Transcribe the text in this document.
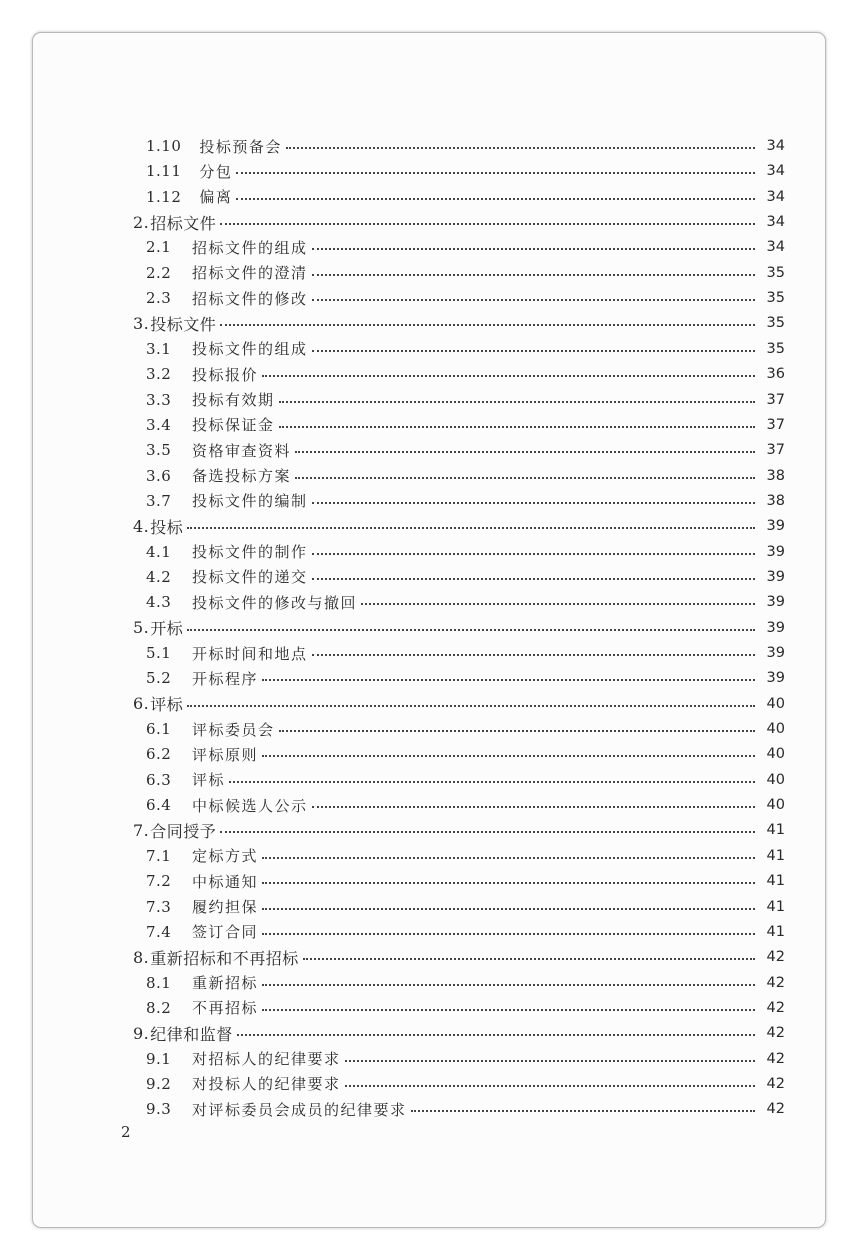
1.10 投标预备会	34
1.11 分包	34
1.12 偏离	34
2. 招标文件	34
2.1 招标文件的组成	34
2.2 招标文件的澄清	35
2.3 招标文件的修改	35
3. 投标文件	35
3.1 投标文件的组成	35
3.2 投标报价	36
3.3 投标有效期	37
3.4 投标保证金	37
3.5 资格审查资料	37
3.6 备选投标方案	38
3.7 投标文件的编制	38
4. 投标	39
4.1 投标文件的制作	39
4.2 投标文件的递交	39
4.3 投标文件的修改与撤回	39
5. 开标	39
5.1 开标时间和地点	39
5.2 开标程序	39
6. 评标	40
6.1 评标委员会	40
6.2 评标原则	40
6.3 评标	40
6.4 中标候选人公示	40
7. 合同授予	41
7.1 定标方式	41
7.2 中标通知	41
7.3 履约担保	41
7.4 签订合同	41
8. 重新招标和不再招标	42
8.1 重新招标	42
8.2 不再招标	42
9. 纪律和监督	42
9.1 对招标人的纪律要求	42
9.2 对投标人的纪律要求	42
9.3 对评标委员会成员的纪律要求	42
2
